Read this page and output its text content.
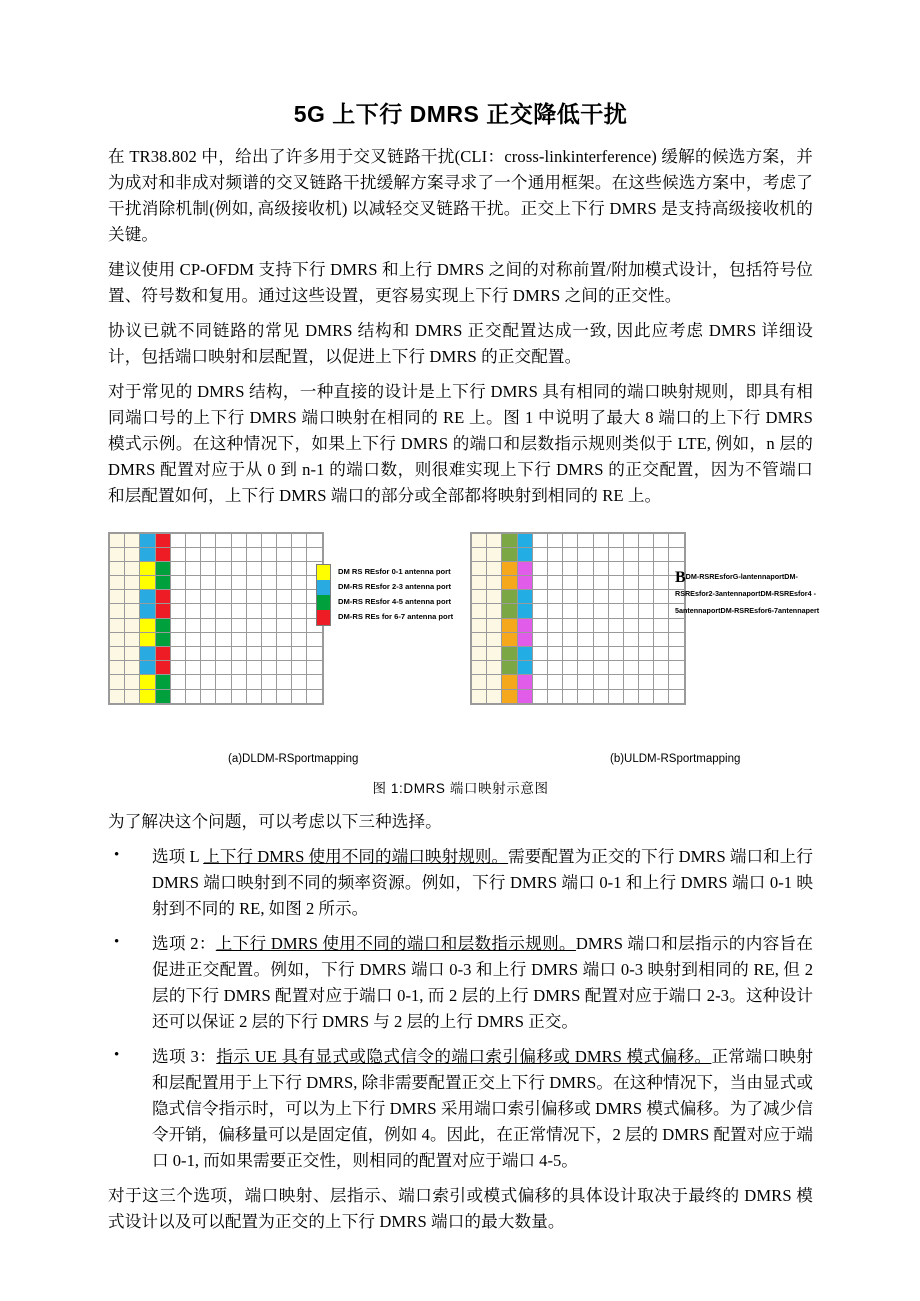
5G 上下行 DMRS 正交降低干扰

在 TR38.802 中，给出了许多用于交叉链路干扰(CLI：cross-linkinterference) 缓解的候选方案，并为成对和非成对频谱的交叉链路干扰缓解方案寻求了一个通用框架。在这些候选方案中，考虑了干扰消除机制(例如, 高级接收机) 以减轻交叉链路干扰。正交上下行 DMRS 是支持高级接收机的关键。

建议使用 CP-OFDM 支持下行 DMRS 和上行 DMRS 之间的对称前置/附加模式设计，包括符号位置、符号数和复用。通过这些设置，更容易实现上下行 DMRS 之间的正交性。

协议已就不同链路的常见 DMRS 结构和 DMRS 正交配置达成一致, 因此应考虑 DMRS 详细设计，包括端口映射和层配置，以促进上下行 DMRS 的正交配置。

对于常见的 DMRS 结构，一种直接的设计是上下行 DMRS 具有相同的端口映射规则，即具有相同端口号的上下行 DMRS 端口映射在相同的 RE 上。图 1 中说明了最大 8 端口的上下行 DMRS 模式示例。在这种情况下，如果上下行 DMRS 的端口和层数指示规则类似于 LTE, 例如，n 层的 DMRS 配置对应于从 0 到 n-1 的端口数，则很难实现上下行 DMRS 的正交配置，因为不管端口和层配置如何，上下行 DMRS 端口的部分或全部都将映射到相同的 RE 上。

DM RS REsfor 0-1 antenna port
DM-RS REsfor 2-3 antenna port
DM-RS REsfor 4-5 antenna port
DM-RS REs for 6-7 antenna port
BDM-RSREsforG-lantennaportDM-
RSREsfor2-3antennaportDM-RSREsfor4 -
5antennaportDM-RSREsfor6-7antennapert
(a)DLDM-RSportmapping	(b)ULDM-RSportmapping
图 1:DMRS 端口映射示意图

为了解决这个问题，可以考虑以下三种选择。

• 选项 L 上下行 DMRS 使用不同的端口映射规则。需要配置为正交的下行 DMRS 端口和上行 DMRS 端口映射到不同的频率资源。例如，下行 DMRS 端口 0-1 和上行 DMRS 端口 0-1 映射到不同的 RE, 如图 2 所示。
• 选项 2：上下行 DMRS 使用不同的端口和层数指示规则。DMRS 端口和层指示的内容旨在促进正交配置。例如，下行 DMRS 端口 0-3 和上行 DMRS 端口 0-3 映射到相同的 RE, 但 2 层的下行 DMRS 配置对应于端口 0-1, 而 2 层的上行 DMRS 配置对应于端口 2-3。这种设计还可以保证 2 层的下行 DMRS 与 2 层的上行 DMRS 正交。
• 选项 3：指示 UE 具有显式或隐式信令的端口索引偏移或 DMRS 模式偏移。正常端口映射和层配置用于上下行 DMRS, 除非需要配置正交上下行 DMRS。在这种情况下，当由显式或隐式信令指示时，可以为上下行 DMRS 采用端口索引偏移或 DMRS 模式偏移。为了减少信令开销，偏移量可以是固定值，例如 4。因此，在正常情况下，2 层的 DMRS 配置对应于端口 0-1, 而如果需要正交性，则相同的配置对应于端口 4-5。

对于这三个选项，端口映射、层指示、端口索引或模式偏移的具体设计取决于最终的 DMRS 模式设计以及可以配置为正交的上下行 DMRS 端口的最大数量。
